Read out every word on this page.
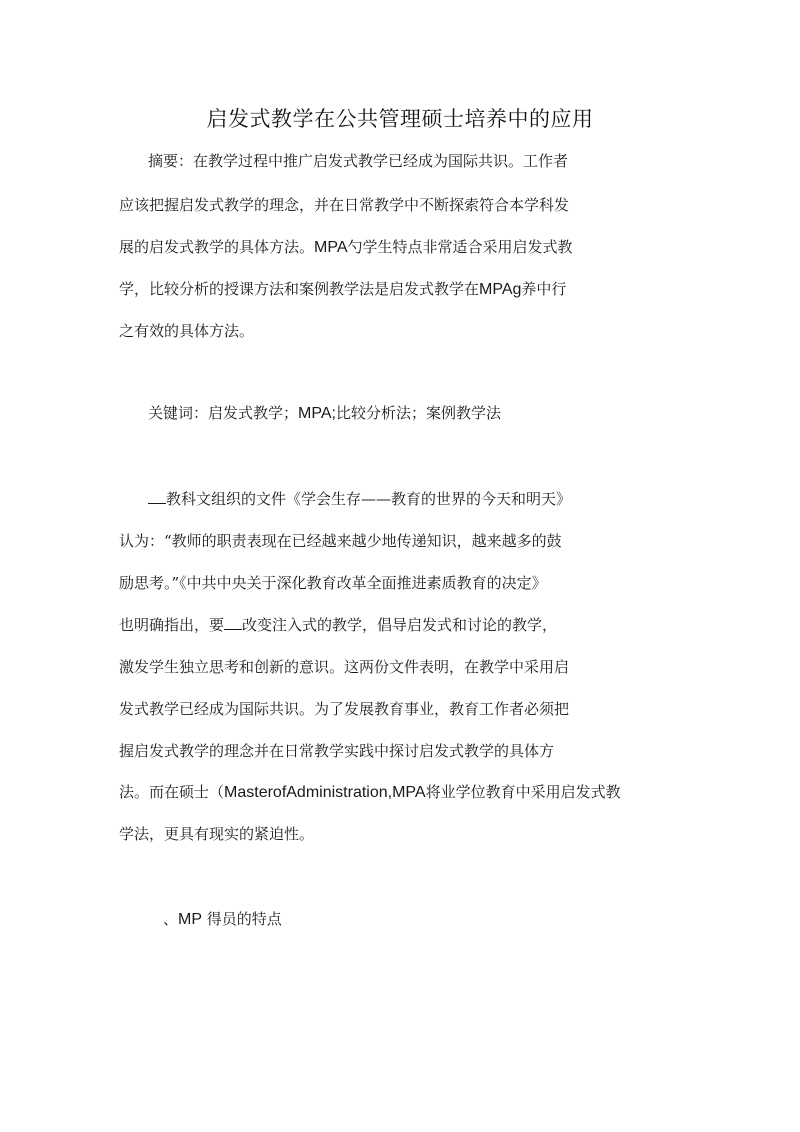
启发式教学在公共管理硕士培养中的应用
摘要：在教学过程中推广启发式教学已经成为国际共识。工作者
应该把握启发式教学的理念，并在日常教学中不断探索符合本学科发
展的启发式教学的具体方法。MPA勺学生特点非常适合采用启发式教
学，比较分析的授课方法和案例教学法是启发式教学在MPAg养中行
之有效的具体方法。
关键词：启发式教学；MPA;比较分析法；案例教学法
教科文组织的文件《学会生存——教育的世界的今天和明天》
认为：“教师的职责表现在已经越来越少地传递知识，越来越多的鼓
励思考。”《中共中央关于深化教育改革全面推进素质教育的决定》
也明确指出，要 改变注入式的教学，倡导启发式和讨论的教学，
激发学生独立思考和创新的意识。这两份文件表明，在教学中采用启
发式教学已经成为国际共识。为了发展教育事业，教育工作者必须把
握启发式教学的理念并在日常教学实践中探讨启发式教学的具体方
法。而在硕士（MasterofAdministration,MPA将业学位教育中采用启发式教
学法，更具有现实的紧迫性。
、MP 得员的特点
